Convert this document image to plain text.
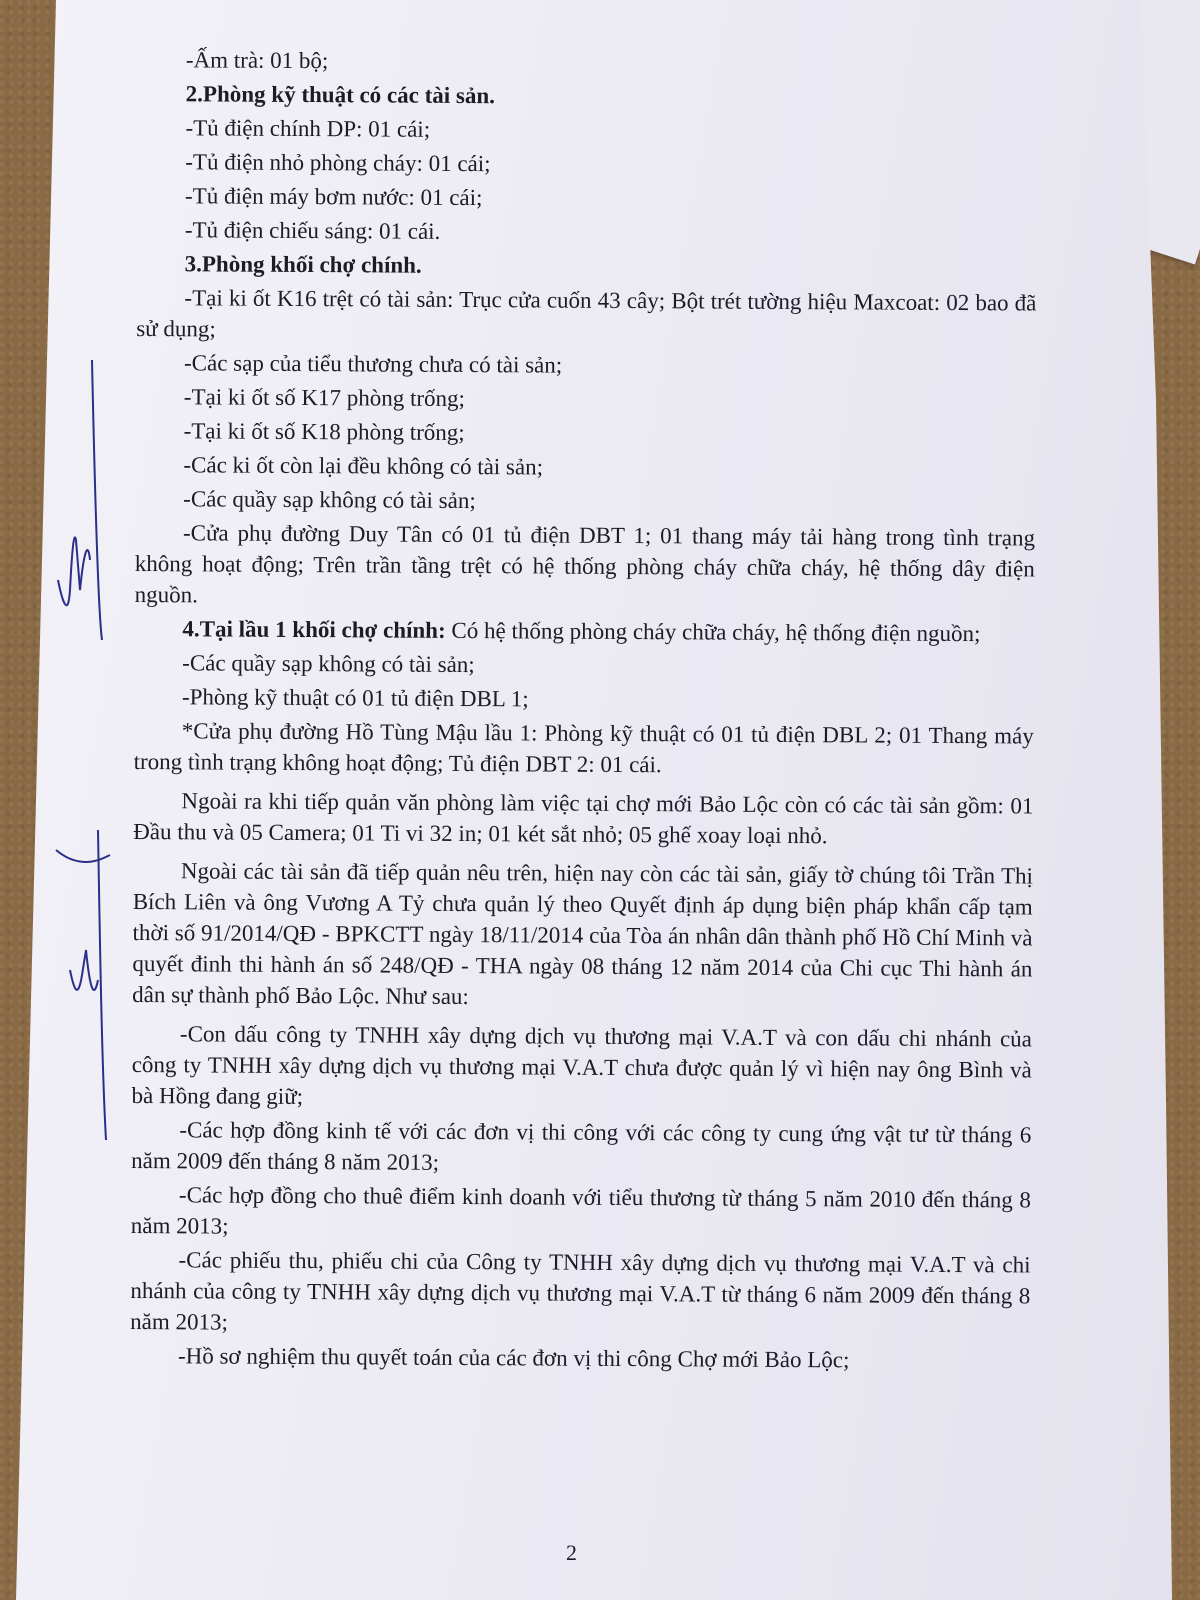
-Ấm trà: 01 bộ;

2.Phòng kỹ thuật có các tài sản.

-Tủ điện chính DP: 01 cái;

-Tủ điện nhỏ phòng cháy: 01 cái;

-Tủ điện máy bơm nước: 01 cái;

-Tủ điện chiếu sáng: 01 cái.

3.Phòng khối chợ chính.

-Tại ki ốt K16 trệt có tài sản: Trục cửa cuốn 43 cây; Bột trét tường hiệu Maxcoat: 02 bao đã sử dụng;

-Các sạp của tiểu thương chưa có tài sản;

-Tại ki ốt số K17 phòng trống;

-Tại ki ốt số K18 phòng trống;

-Các ki ốt còn lại đều không có tài sản;

-Các quầy sạp không có tài sản;

-Cửa phụ đường Duy Tân có 01 tủ điện DBT 1; 01 thang máy tải hàng trong tình trạng không hoạt động; Trên trần tầng trệt có hệ thống phòng cháy chữa cháy, hệ thống dây điện nguồn.

4.Tại lầu 1 khối chợ chính: Có hệ thống phòng cháy chữa cháy, hệ thống điện nguồn;

-Các quầy sạp không có tài sản;

-Phòng kỹ thuật có 01 tủ điện DBL 1;

*Cửa phụ đường Hồ Tùng Mậu lầu 1: Phòng kỹ thuật có 01 tủ điện DBL 2; 01 Thang máy trong tình trạng không hoạt động; Tủ điện DBT 2: 01 cái.

Ngoài ra khi tiếp quản văn phòng làm việc tại chợ mới Bảo Lộc còn có các tài sản gồm: 01 Đầu thu và 05 Camera; 01 Ti vi 32 in; 01 két sắt nhỏ; 05 ghế xoay loại nhỏ.

Ngoài các tài sản đã tiếp quản nêu trên, hiện nay còn các tài sản, giấy tờ chúng tôi Trần Thị Bích Liên và ông Vương A Tỷ chưa quản lý theo Quyết định áp dụng biện pháp khẩn cấp tạm thời số 91/2014/QĐ - BPKCTT ngày 18/11/2014 của Tòa án nhân dân thành phố Hồ Chí Minh và quyết đinh thi hành án số 248/QĐ - THA ngày 08 tháng 12 năm 2014 của Chi cục Thi hành án dân sự thành phố Bảo Lộc. Như sau:

-Con dấu công ty TNHH xây dựng dịch vụ thương mại V.A.T và con dấu chi nhánh của công ty TNHH xây dựng dịch vụ thương mại V.A.T chưa được quản lý vì hiện nay ông Bình và bà Hồng đang giữ;

-Các hợp đồng kinh tế với các đơn vị thi công với các công ty cung ứng vật tư từ tháng 6 năm 2009 đến tháng 8 năm 2013;

-Các hợp đồng cho thuê điểm kinh doanh với tiểu thương từ tháng 5 năm 2010 đến tháng 8 năm 2013;

-Các phiếu thu, phiếu chi của Công ty TNHH xây dựng dịch vụ thương mại V.A.T và chi nhánh của công ty TNHH xây dựng dịch vụ thương mại V.A.T từ tháng 6 năm 2009 đến tháng 8 năm 2013;

-Hồ sơ nghiệm thu quyết toán của các đơn vị thi công Chợ mới Bảo Lộc;

2
